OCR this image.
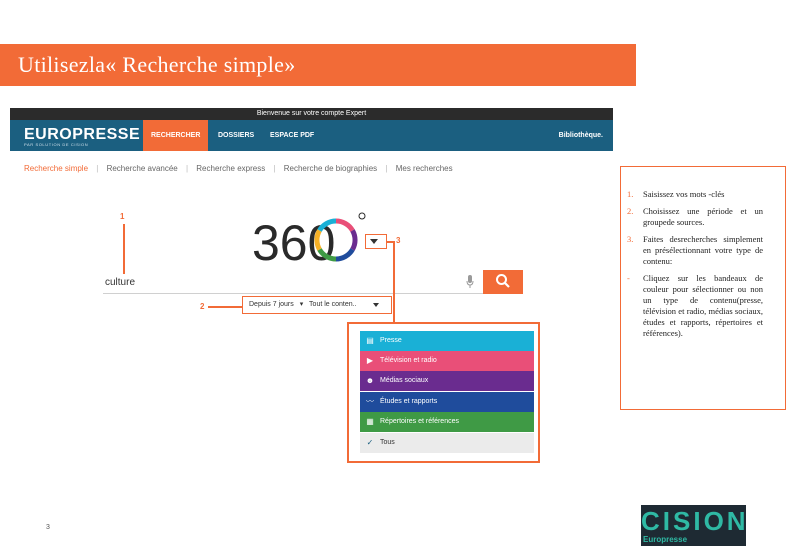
Utilisezla« Recherche simple»
Bienvenue sur votre compte Expert
EUROPRESSE
PAR SOLUTION DE CISION
RECHERCHER	DOSSIERS	ESPACE PDF	Bibliothèque.
Recherche simple | Recherche avancée | Recherche express | Recherche de biographies | Mes recherches
360
culture
Depuis 7 jours ▾ Tout le conten..
1
2
3
▤ Presse
▶ Télévision et radio
☻ Médias sociaux
〰 Études et rapports
▦ Répertoires et références
✓ Tous
1. Saisissez vos mots -clés
2. Choisissez une période et un groupede sources.
3. Faites desrecherches simplement en présélectionnant votre type de contenu:
- Cliquez sur les bandeaux de couleur pour sélectionner ou non un type de contenu(presse, télévision et radio, médias sociaux, études et rapports, répertoires et références).
3	CISION
Europresse
